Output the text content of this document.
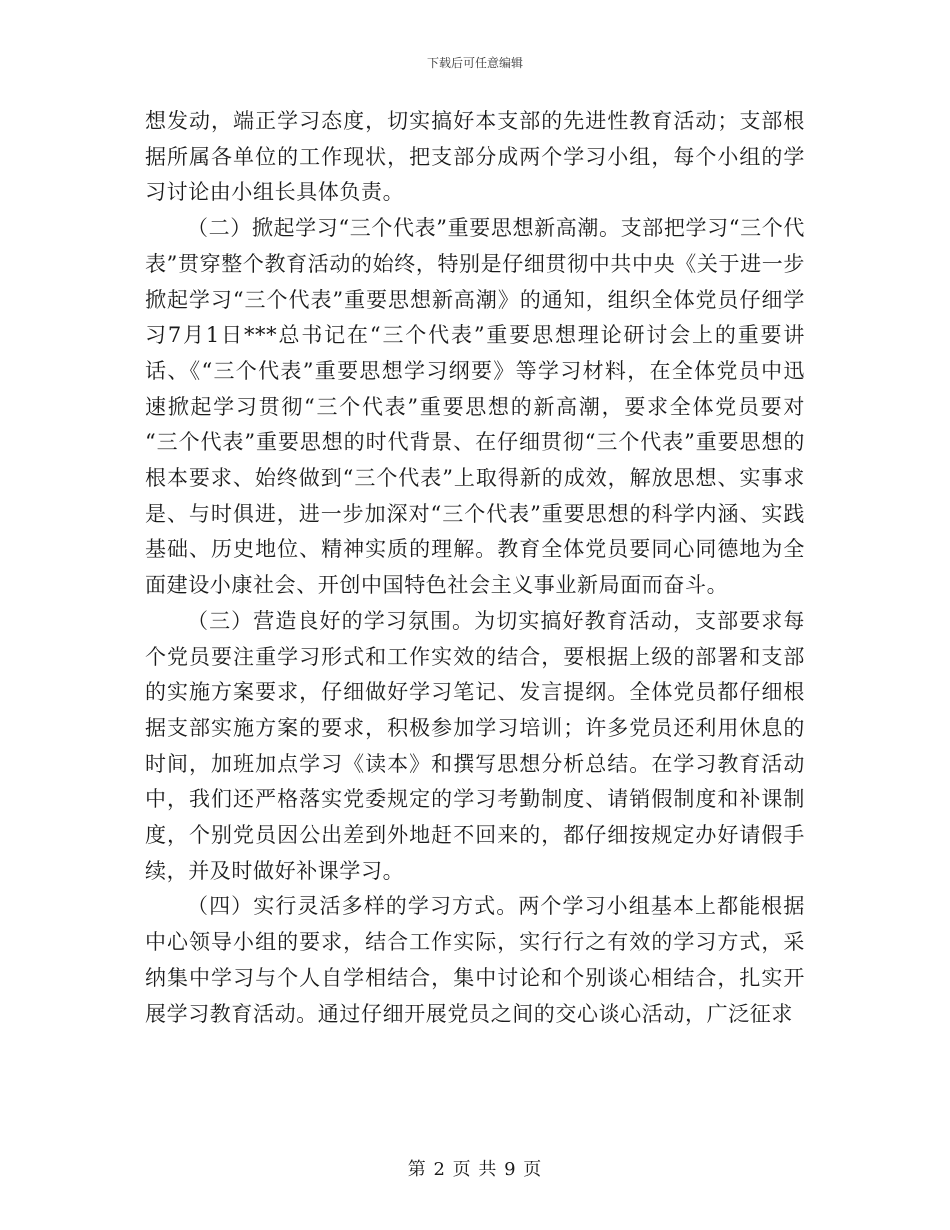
下载后可任意编辑

想发动，端正学习态度，切实搞好本支部的先进性教育活动；支部根据所属各单位的工作现状，把支部分成两个学习小组，每个小组的学习讨论由小组长具体负责。

（二）掀起学习“三个代表”重要思想新高潮。支部把学习“三个代表”贯穿整个教育活动的始终，特别是仔细贯彻中共中央《关于进一步掀起学习“三个代表”重要思想新高潮》的通知，组织全体党员仔细学习7月1日***总书记在“三个代表”重要思想理论研讨会上的重要讲话、《“三个代表”重要思想学习纲要》等学习材料，在全体党员中迅速掀起学习贯彻“三个代表”重要思想的新高潮，要求全体党员要对 “三个代表”重要思想的时代背景、在仔细贯彻“三个代表”重要思想的根本要求、始终做到“三个代表”上取得新的成效，解放思想、实事求是、与时俱进，进一步加深对“三个代表”重要思想的科学内涵、实践基础、历史地位、精神实质的理解。教育全体党员要同心同德地为全面建设小康社会、开创中国特色社会主义事业新局面而奋斗。

（三）营造良好的学习氛围。为切实搞好教育活动，支部要求每个党员要注重学习形式和工作实效的结合，要根据上级的部署和支部的实施方案要求，仔细做好学习笔记、发言提纲。全体党员都仔细根据支部实施方案的要求，积极参加学习培训；许多党员还利用休息的时间，加班加点学习《读本》和撰写思想分析总结。在学习教育活动中，我们还严格落实党委规定的学习考勤制度、请销假制度和补课制度，个别党员因公出差到外地赶不回来的，都仔细按规定办好请假手续，并及时做好补课学习。

（四）实行灵活多样的学习方式。两个学习小组基本上都能根据中心领导小组的要求，结合工作实际，实行行之有效的学习方式，采纳集中学习与个人自学相结合，集中讨论和个别谈心相结合，扎实开展学习教育活动。通过仔细开展党员之间的交心谈心活动，广泛征求

第 2 页 共 9 页
